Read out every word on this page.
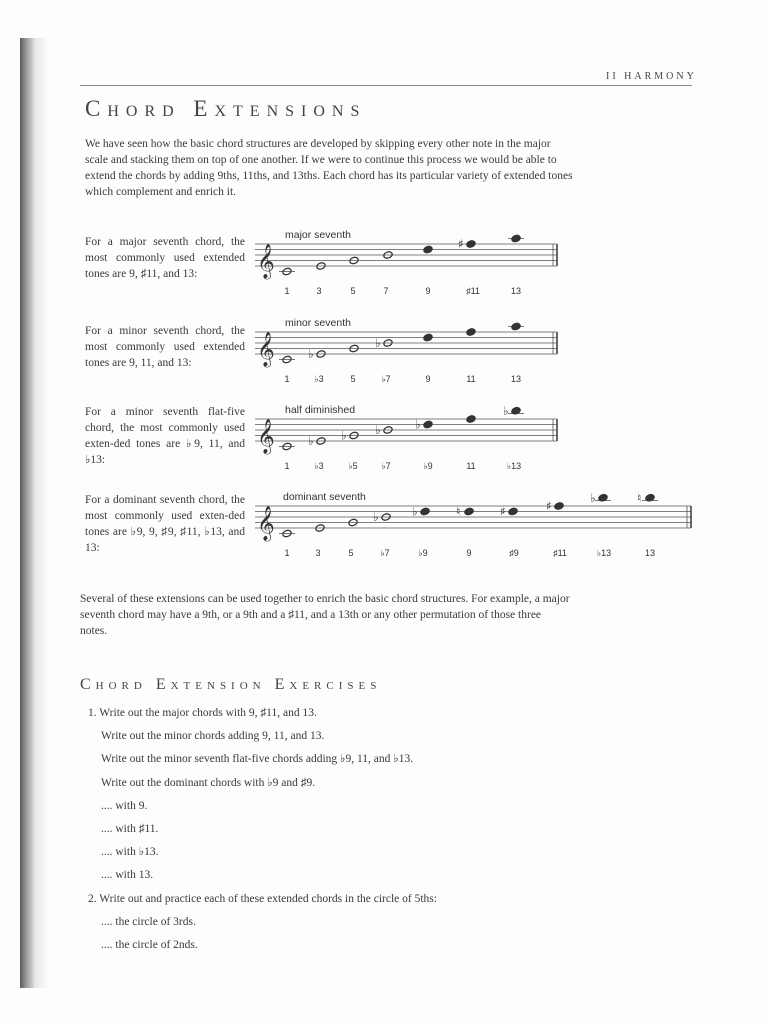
II HARMONY
Chord Extensions
We have seen how the basic chord structures are developed by skipping every other note in the major scale and stacking them on top of one another. If we were to continue this process we would be able to extend the chords by adding 9ths, 11ths, and 13ths. Each chord has its particular variety of extended tones which complement and enrich it.
For a major seventh chord, the most commonly used extended tones are 9, ♯11, and 13:
major seventh
𝄞	♯
1	3	5	7	9	♯11	13
For a minor seventh chord, the most commonly used extended tones are 9, 11, and 13:
minor seventh
𝄞	♭
♭
1	♭3	5	♭7	9	11	13
For a minor seventh flat-five chord, the most commonly used exten-ded tones are ♭9, 11, and ♭13:
half diminished
𝄞	♭ ♭ ♭	♭
♭
1	♭3	♭5	♭7	♭9	11	♭13
For a dominant seventh chord, the most commonly used exten-ded tones are ♭9, 9, ♯9, ♯11, ♭13, and 13:
dominant seventh
𝄞	♭	♭	♮	♯	♯
♭	♮
1	3	5	♭7	♭9	9	♯9	♯11	♭13	13
Several of these extensions can be used together to enrich the basic chord structures. For example, a major seventh chord may have a 9th, or a 9th and a ♯11, and a 13th or any other permutation of those three notes.
Chord Extension Exercises
1. Write out the major chords with 9, ♯11, and 13.
Write out the minor chords adding 9, 11, and 13.
Write out the minor seventh flat-five chords adding ♭9, 11, and ♭13.
Write out the dominant chords with ♭9 and ♯9.
.... with 9.
.... with ♯11.
.... with ♭13.
.... with 13.
2. Write out and practice each of these extended chords in the circle of 5ths:
.... the circle of 3rds.
.... the circle of 2nds.
